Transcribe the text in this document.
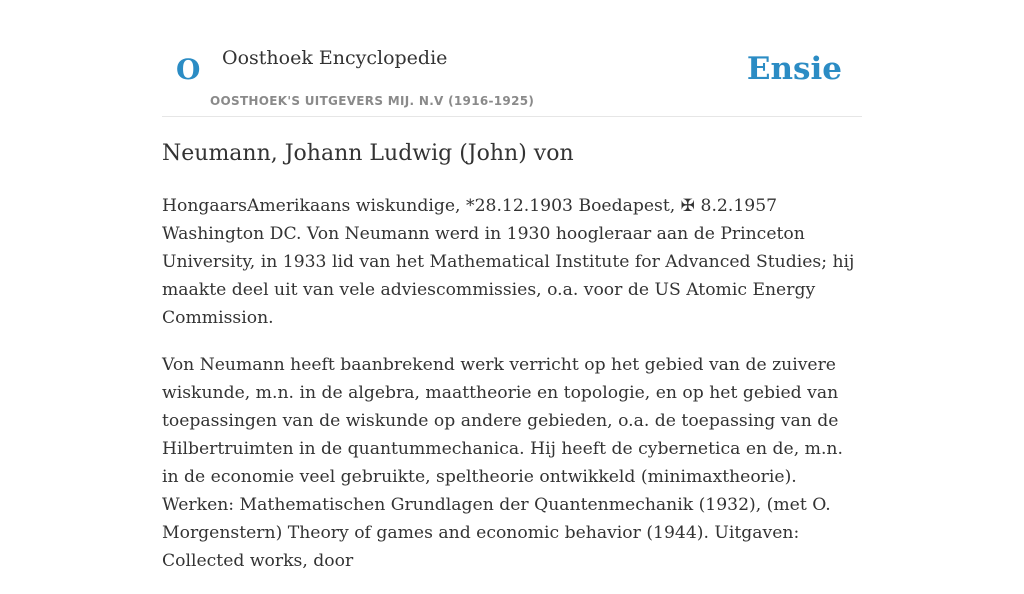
O Oosthoek Encyclopedie
OOSTHOEK'S UITGEVERS MIJ. N.V (1916-1925)
Ensie
Neumann, Johann Ludwig (John) von

HongaarsAmerikaans wiskundige, *28.12.1903 Boedapest, ✠ 8.2.1957 Washington DC. Von Neumann werd in 1930 hoogleraar aan de Princeton University, in 1933 lid van het Mathematical Institute for Advanced Studies; hij maakte deel uit van vele adviescommissies, o.a. voor de US Atomic Energy Commission.

Von Neumann heeft baanbrekend werk verricht op het gebied van de zuivere wiskunde, m.n. in de algebra, maattheorie en topologie, en op het gebied van toepassingen van de wiskunde op andere gebieden, o.a. de toepassing van de Hilbertruimten in de quantummechanica. Hij heeft de cybernetica en de, m.n. in de economie veel gebruikte, speltheorie ontwikkeld (minimaxtheorie). Werken: Mathematischen Grundlagen der Quantenmechanik (1932), (met O. Morgenstern) Theory of games and economic behavior (1944). Uitgaven: Collected works, door
